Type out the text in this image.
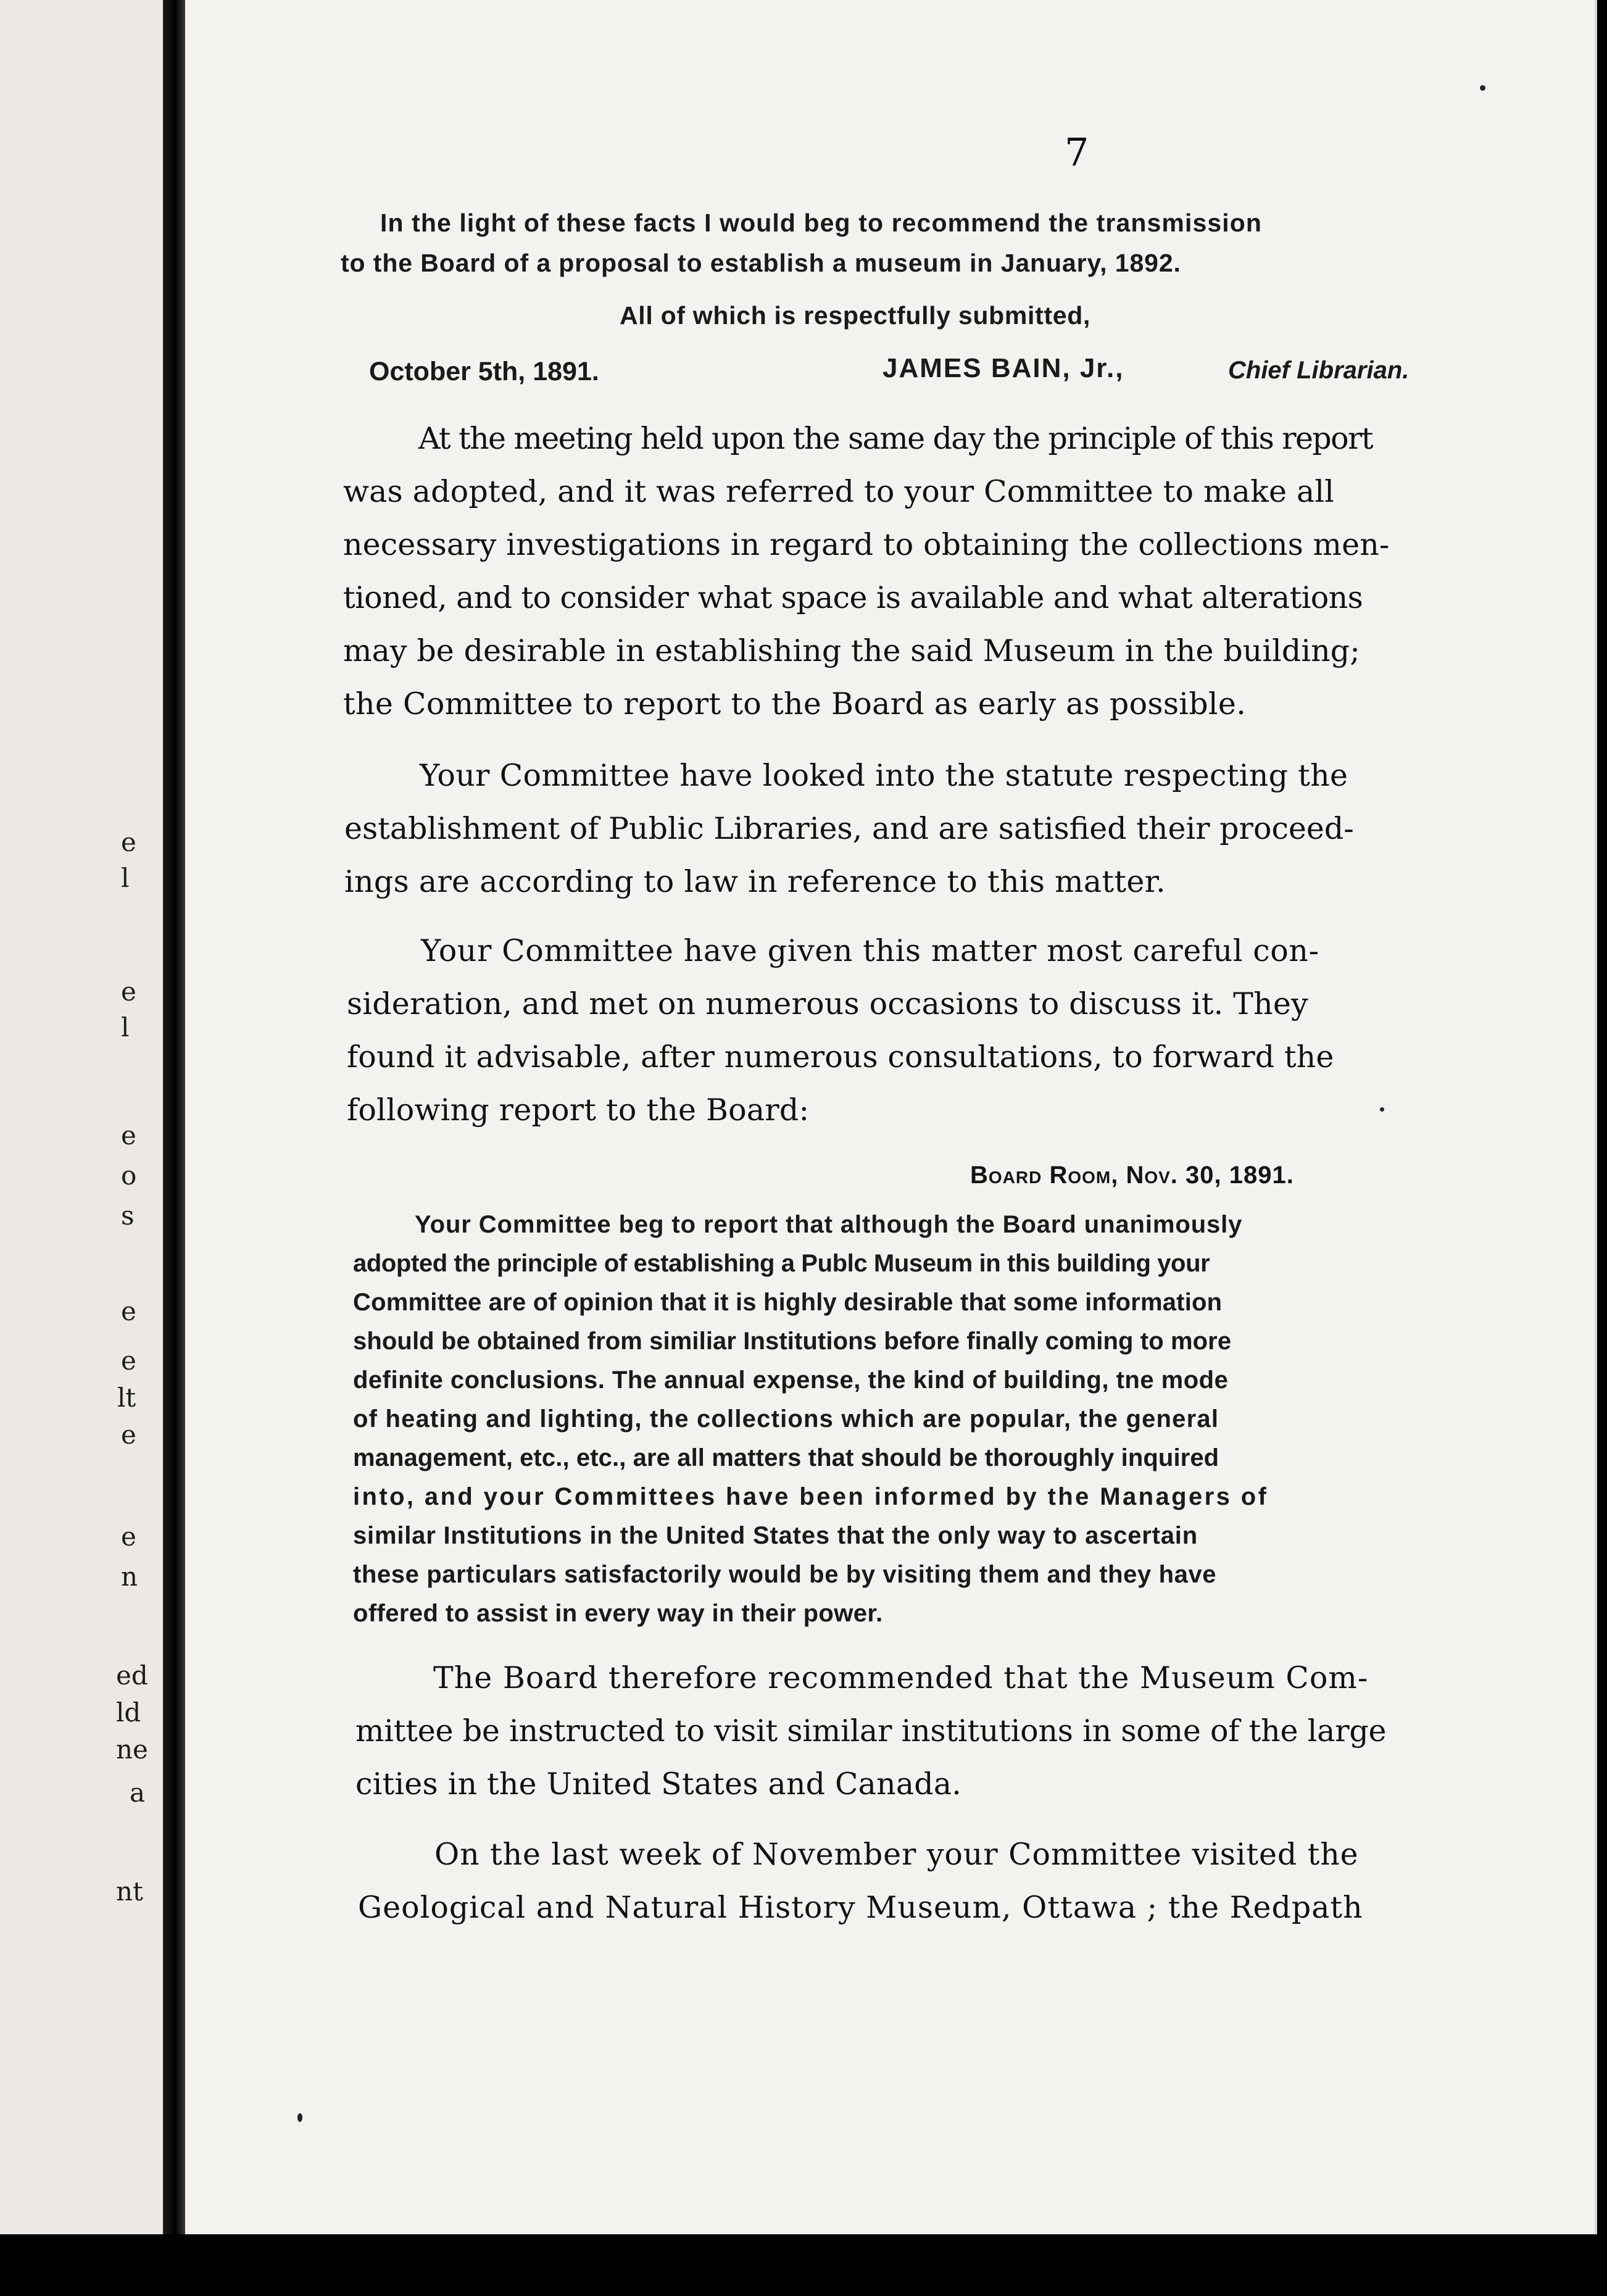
e
l
e
l
e
o
s
e
e
lt
e
e
n
ed
ld
ne
a
nt
7
In the light of these facts I would beg to recommend the transmission
to the Board of a proposal to establish a museum in January, 1892.
All of which is respectfully submitted,
October 5th, 1891.	JAMES BAIN, Jr.,	Chief Librarian.
At the meeting held upon the same day the principle of this report
was adopted, and it was referred to your Committee to make all
necessary investigations in regard to obtaining the collections men-
tioned, and to consider what space is available and what alterations
may be desirable in establishing the said Museum in the building;
the Committee to report to the Board as early as possible.
Your Committee have looked into the statute respecting the
establishment of Public Libraries, and are satisfied their proceed-
ings are according to law in reference to this matter.
Your Committee have given this matter most careful con-
sideration, and met on numerous occasions to discuss it. They
found it advisable, after numerous consultations, to forward the
following report to the Board:
Board Room, Nov. 30, 1891.
Your Committee beg to report that although the Board unanimously
adopted the principle of establishing a Publc Museum in this building your
Committee are of opinion that it is highly desirable that some information
should be obtained from similiar Institutions before finally coming to more
definite conclusions. The annual expense, the kind of building, tne mode
of heating and lighting, the collections which are popular, the general
management, etc., etc., are all matters that should be thoroughly inquired
into, and your Committees have been informed by the Managers of
similar Institutions in the United States that the only way to ascertain
these particulars satisfactorily would be by visiting them and they have
offered to assist in every way in their power.
The Board therefore recommended that the Museum Com-
mittee be instructed to visit similar institutions in some of the large
cities in the United States and Canada.
On the last week of November your Committee visited the
Geological and Natural History Museum, Ottawa ; the Redpath
